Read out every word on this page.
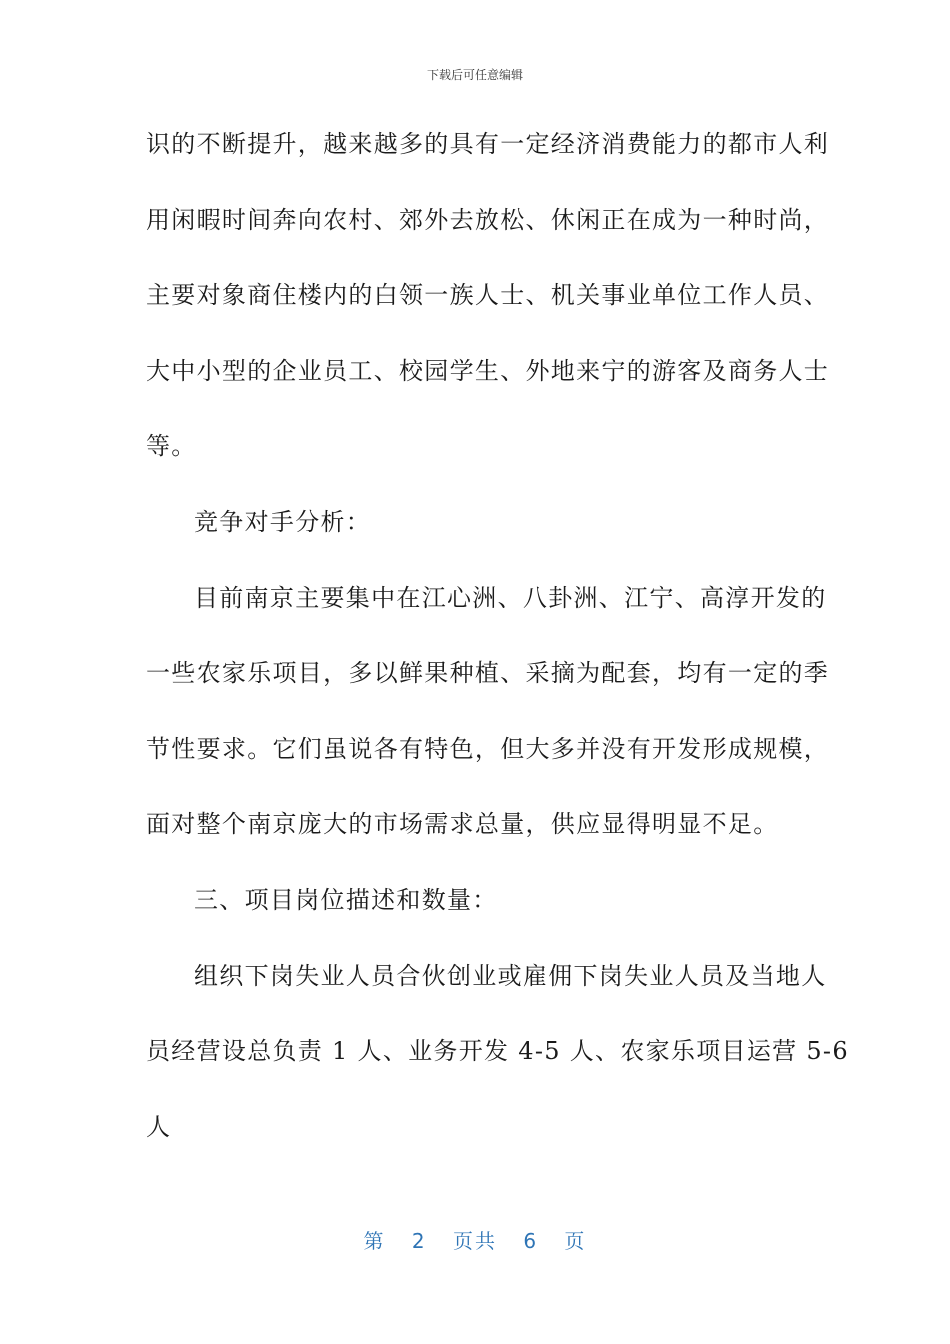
下载后可任意编辑
识的不断提升，越来越多的具有一定经济消费能力的都市人利
用闲暇时间奔向农村、郊外去放松、休闲正在成为一种时尚，
主要对象商住楼内的白领一族人士、机关事业单位工作人员、
大中小型的企业员工、校园学生、外地来宁的游客及商务人士
等。
竞争对手分析：
目前南京主要集中在江心洲、八卦洲、江宁、高淳开发的
一些农家乐项目，多以鲜果种植、采摘为配套，均有一定的季
节性要求。它们虽说各有特色，但大多并没有开发形成规模，
面对整个南京庞大的市场需求总量，供应显得明显不足。
三、项目岗位描述和数量：
组织下岗失业人员合伙创业或雇佣下岗失业人员及当地人
员经营设总负责 1 人、业务开发 4-5 人、农家乐项目运营 5-6
人
第 2 页共 6 页
